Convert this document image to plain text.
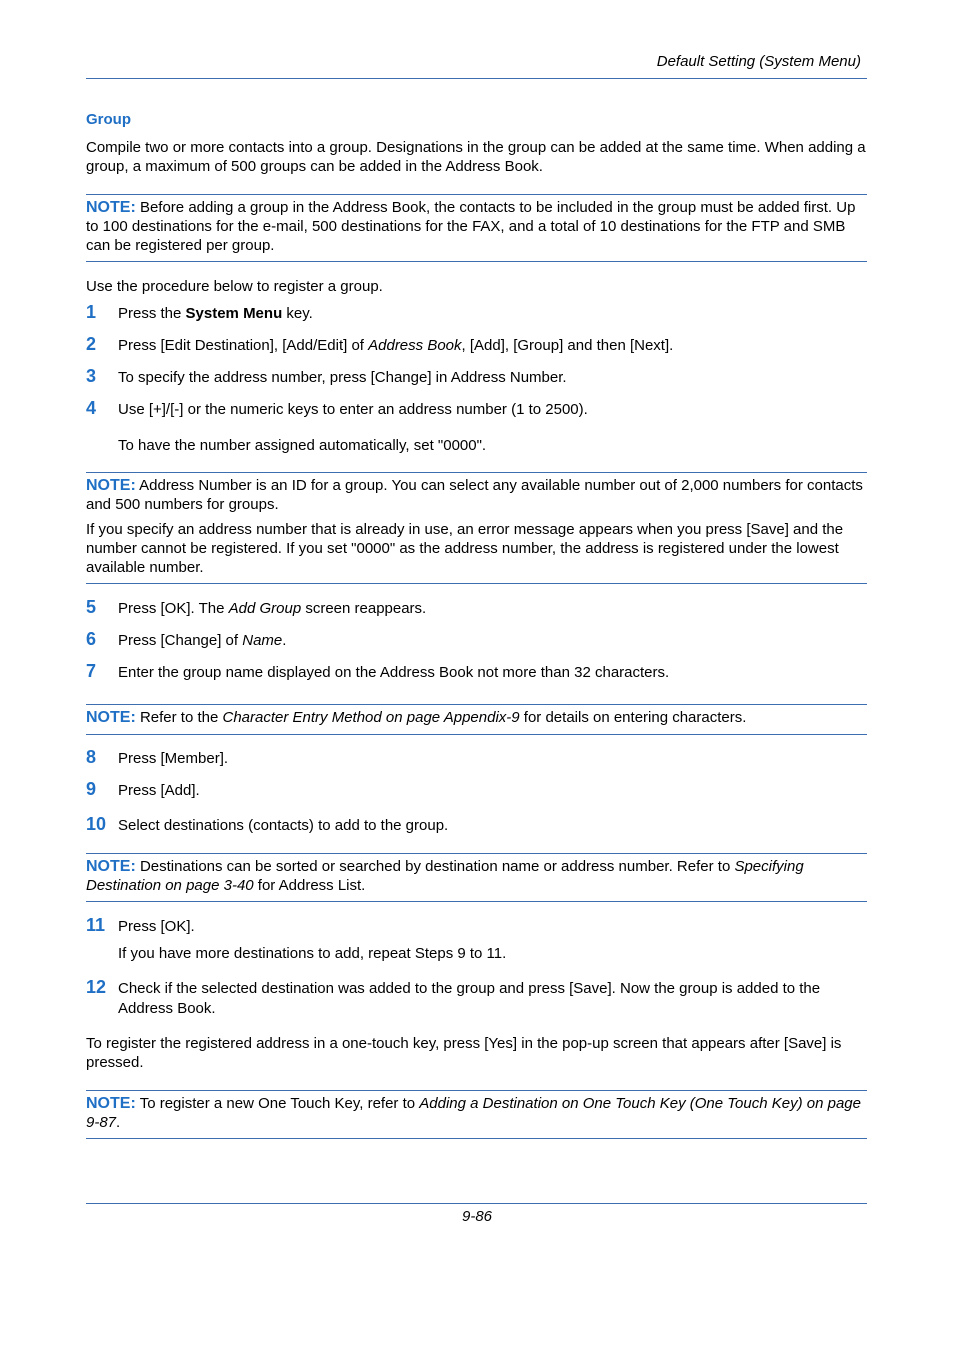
Default Setting (System Menu)
Group
Compile two or more contacts into a group. Designations in the group can be added at the same time. When adding a group, a maximum of 500 groups can be added in the Address Book.
NOTE: Before adding a group in the Address Book, the contacts to be included in the group must be added first. Up to 100 destinations for the e-mail, 500 destinations for the FAX, and a total of 10 destinations for the FTP and SMB can be registered per group.
Use the procedure below to register a group.
1 Press the System Menu key.
2 Press [Edit Destination], [Add/Edit] of Address Book, [Add], [Group] and then [Next].
3 To specify the address number, press [Change] in Address Number.
4 Use [+]/[-] or the numeric keys to enter an address number (1 to 2500).
To have the number assigned automatically, set "0000".
NOTE: Address Number is an ID for a group. You can select any available number out of 2,000 numbers for contacts and 500 numbers for groups.
If you specify an address number that is already in use, an error message appears when you press [Save] and the number cannot be registered. If you set "0000" as the address number, the address is registered under the lowest available number.
5 Press [OK]. The Add Group screen reappears.
6 Press [Change] of Name.
7 Enter the group name displayed on the Address Book not more than 32 characters.
NOTE: Refer to the Character Entry Method on page Appendix-9 for details on entering characters.
8 Press [Member].
9 Press [Add].
10 Select destinations (contacts) to add to the group.
NOTE: Destinations can be sorted or searched by destination name or address number. Refer to Specifying Destination on page 3-40 for Address List.
11 Press [OK].
If you have more destinations to add, repeat Steps 9 to 11.
12 Check if the selected destination was added to the group and press [Save]. Now the group is added to the Address Book.
To register the registered address in a one-touch key, press [Yes] in the pop-up screen that appears after [Save] is pressed.
NOTE: To register a new One Touch Key, refer to Adding a Destination on One Touch Key (One Touch Key) on page 9-87.
9-86
